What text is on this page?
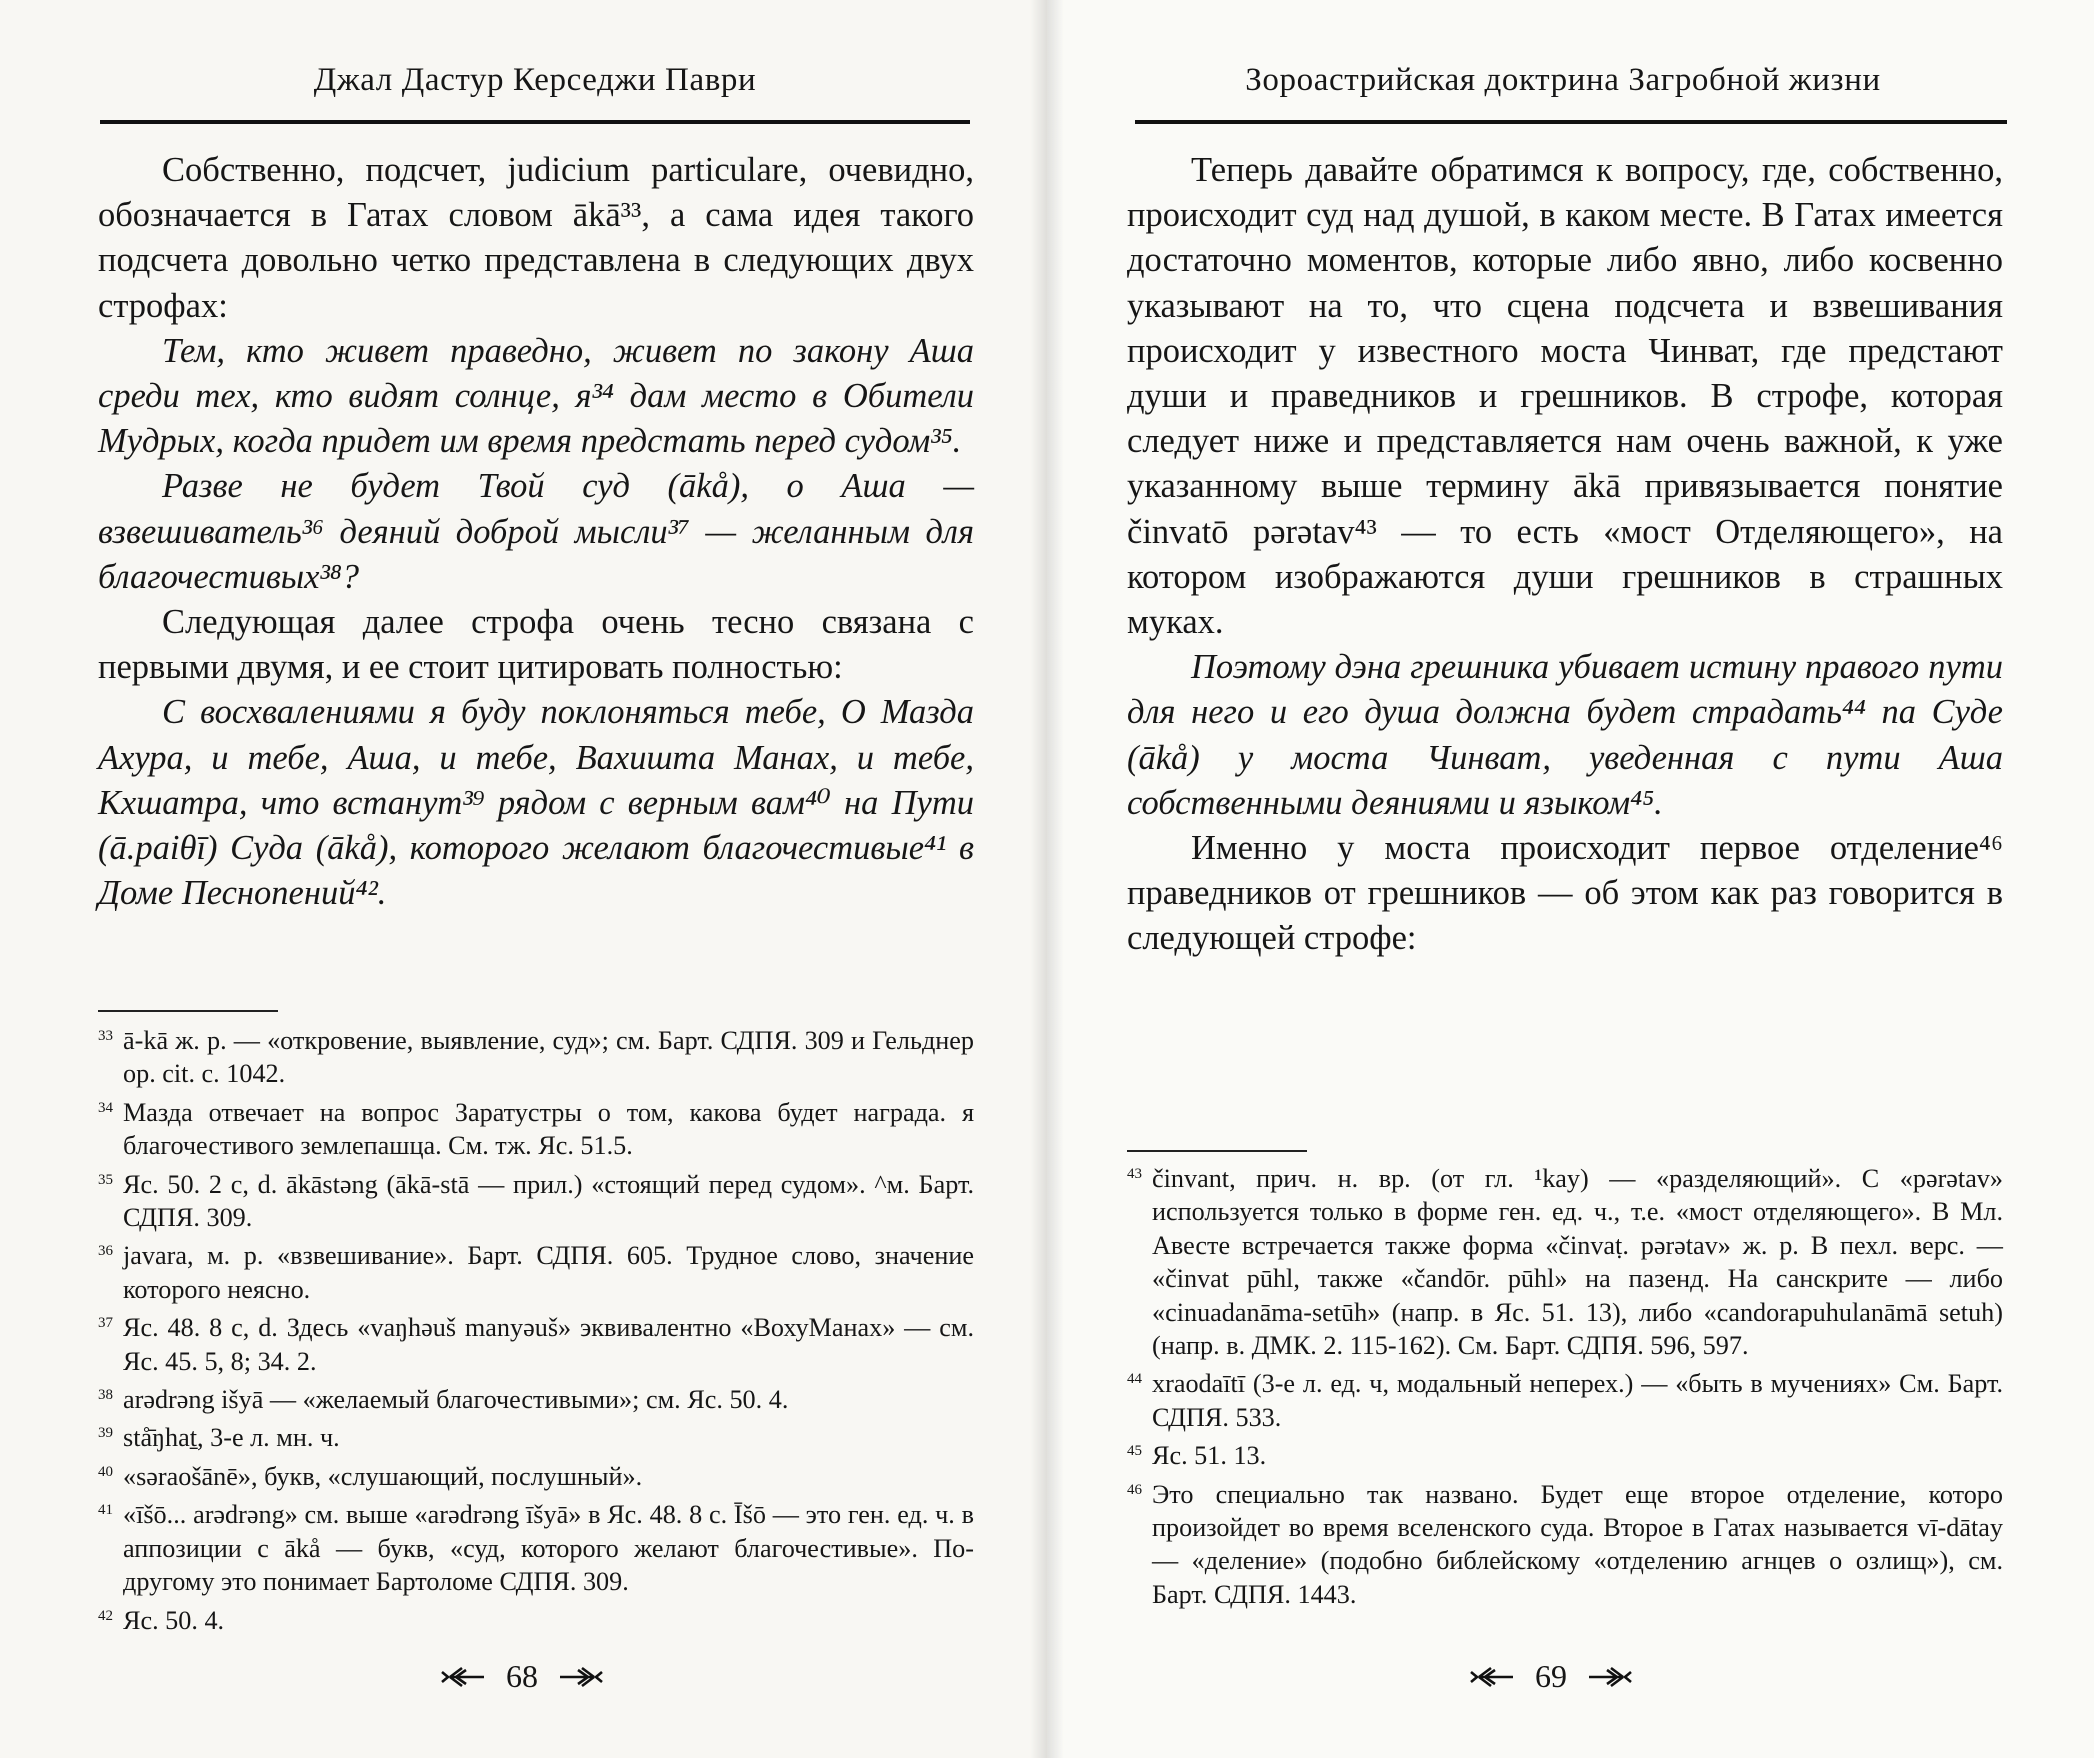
Джал Дастур Керседжи Паври

Собственно, подсчет, judicium particulare, очевидно, обозначается в Гатах словом ākā³³, а сама идея такого подсчета довольно четко представлена в следующих двух строфах:

Тем, кто живет праведно, живет по закону Аша среди тех, кто видят солнце, я³⁴ дам место в Обители Мудрых, когда придет им время предстать перед судом³⁵.

Разве не будет Твой суд (ākå), о Аша — взвешиватель³⁶ деяний доброй мысли³⁷ — желанным для благочестивых³⁸?

Следующая далее строфа очень тесно связана с первыми двумя, и ее стоит цитировать полностью:

С восхвалениями я буду поклоняться тебе, О Мазда Ахура, и тебе, Аша, и тебе, Вахишта Манах, и тебе, Кхшатра, что встанут³⁹ рядом с верным вам⁴⁰ на Пути (ā.paiθī) Суда (ākå), которого желают благочестивые⁴¹ в Доме Песнопений⁴².

33 ā-kā ж. р. — «откровение, выявление, суд»; см. Барт. СДПЯ. 309 и Гельднер op. cit. с. 1042.

34 Мазда отвечает на вопрос Заратустры о том, какова будет награда. я благочестивого землепашца. См. тж. Яс. 51.5.

35 Яс. 50. 2 с, d. ākāstəng (ākā-stā — прил.) «стоящий перед судом». ^м. Барт. СДПЯ. 309.

36 javara, м. р. «взвешивание». Барт. СДПЯ. 605. Трудное слово, значение которого неясно.

37 Яс. 48. 8 с, d. Здесь «vaŋhəuš manyəuš» эквивалентно «ВохуМанах» — см. Яс. 45. 5, 8; 34. 2.

38 arədrəng išyā — «желаемый благочестивыми»; см. Яс. 50. 4.

39 stå̄ŋhaṯ, 3-е л. мн. ч.

40 «sərаоšānē», букв, «слушающий, послушный».

41 «īšō... arədrəng» см. выше «arədrəng īšyā» в Яс. 48. 8 с. Īšō — это ген. ед. ч. в аппозиции с ākå — букв, «суд, которого желают благочестивые». По-другому это понимает Бартоломе СДПЯ. 309.

42 Яс. 50. 4.

68
Зороастрийская доктрина Загробной жизни

Теперь давайте обратимся к вопросу, где, собственно, происходит суд над душой, в каком месте. В Гатах имеется достаточно моментов, которые либо явно, либо косвенно указывают на то, что сцена подсчета и взвешивания происходит у известного моста Чинват, где предстают души и праведников и грешников. В строфе, которая следует ниже и представляется нам очень важной, к уже указанному выше термину ākā привязывается понятие činvatō pərətav⁴³ — то есть «мост Отделяющего», на котором изображаются души грешников в страшных муках.

Поэтому дэна грешника убивает истину правого пути для него и его душа должна будет страдать⁴⁴ па Суде (ākå) у моста Чинват, уведенная с пути Аша собственными деяниями и языком⁴⁵.

Именно у моста происходит первое отделение⁴⁶ праведников от грешников — об этом как раз говорится в следующей строфе:

43 činvant, прич. н. вр. (от гл. ¹kay) — «разделяющий». С «pərətav» используется только в форме ген. ед. ч., т.е. «мост отделяющего». В Мл. Авесте встречается также форма «činvaṭ. pərətav» ж. р. В пехл. верс. — «činvat pūhl, также «čandōr. pūhl» на пазенд. На санскрите — либо «cinuadanāma-setūh» (напр. в Яс. 51. 13), либо «candorapuhulanāmā setuh) (напр. в. ДМК. 2. 115-162). См. Барт. СДПЯ. 596, 597.

44 xraodaītī (3-е л. ед. ч, модальный неперех.) — «быть в мучениях» См. Барт. СДПЯ. 533.

45 Яс. 51. 13.

46 Это специально так названо. Будет еще второе отделение, которо произойдет во время вселенского суда. Второе в Гатах называется vī-dātay — «деление» (подобно библейскому «отделению агнцев о озлищ»), см. Барт. СДПЯ. 1443.

69
